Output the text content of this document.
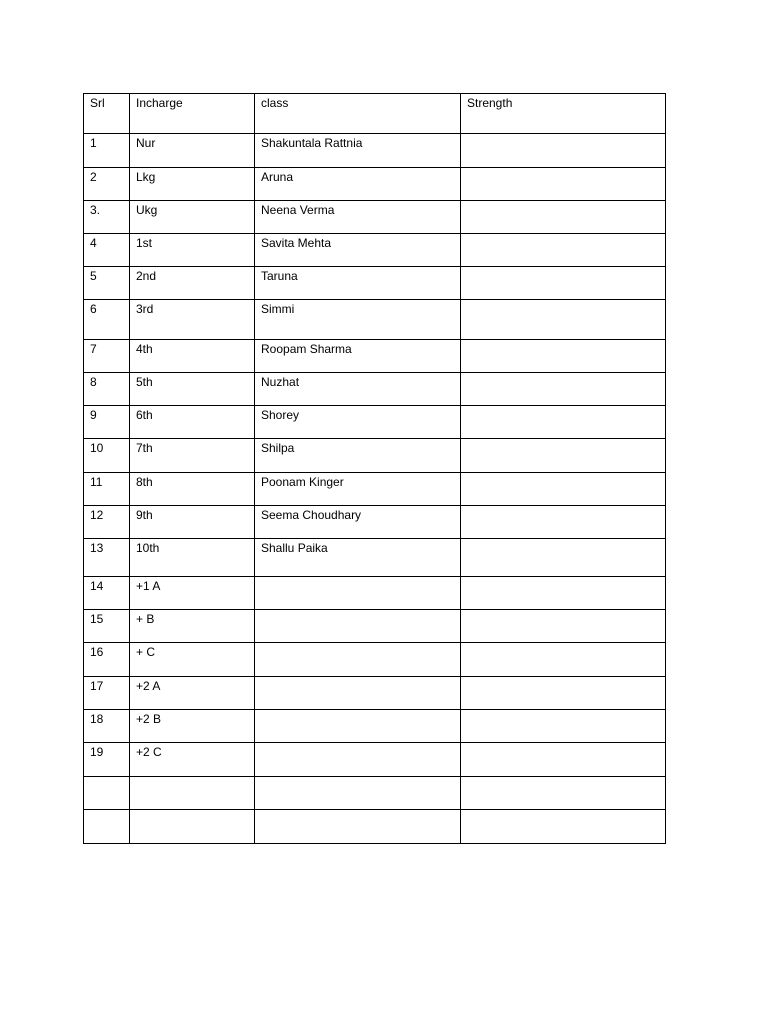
Srl	Incharge	class	Strength
1	Nur	Shakuntala Rattnia	
2	Lkg	Aruna	
3.	Ukg	Neena Verma	
4	1st	Savita Mehta	
5	2nd	Taruna	
6	3rd	Simmi	
7	4th	Roopam Sharma	
8	5th	Nuzhat	
9	6th	Shorey	
10	7th	Shilpa	
11	8th	Poonam Kinger	
12	9th	Seema Choudhary	
13	10th	Shallu Paika	
14	+1 A		
15	+ B		
16	+ C		
17	+2 A		
18	+2 B		
19	+2 C		
